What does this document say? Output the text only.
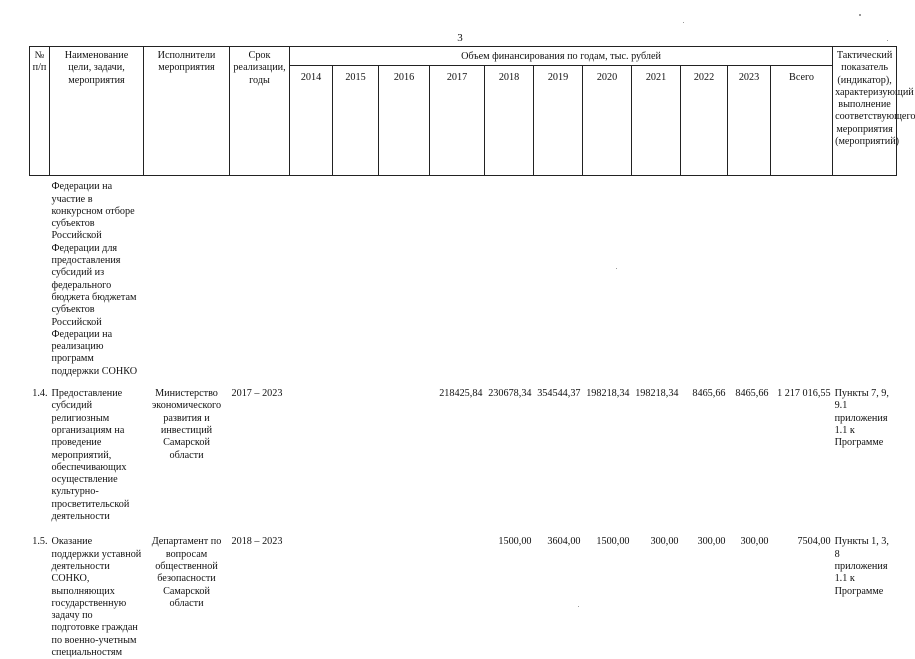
3
№ п/п	Наименование цели, задачи, мероприятия	Исполнители мероприятия	Срок реализации, годы	Объем финансирования по годам, тыс. рублей											Тактический показатель (индикатор), характеризующий выполнение соответствующего мероприятия (мероприятий)
				2014	2015	2016	2017	2018	2019	2020	2021	2022	2023	Всего	
	Федерации на участие в конкурсном отборе субъектов Российской Федерации для предоставления субсидий из федерального бюджета бюджетам субъектов Российской Федерации на реализацию программ поддержки СОНКО														
1.4.	Предоставление субсидий религиозным организациям на проведение мероприятий, обеспечивающих осуществление культурно-просветительской деятельности	Министерство экономического развития и инвестиций Самарской области	2017 – 2023				218425,84	230678,34	354544,37	198218,34	198218,34	8465,66	8465,66	1 217 016,55	Пункты 7, 9, 9.1 приложения 1.1 к Программе
1.5.	Оказание поддержки уставной деятельности СОНКО, выполняющих государственную задачу по подготовке граждан по военно-учетным специальностям	Департамент по вопросам общественной безопасности Самарской области	2018 – 2023					1500,00	3604,00	1500,00	300,00	300,00	300,00	7504,00	Пункты 1, 3, 8 приложения 1.1 к Программе
